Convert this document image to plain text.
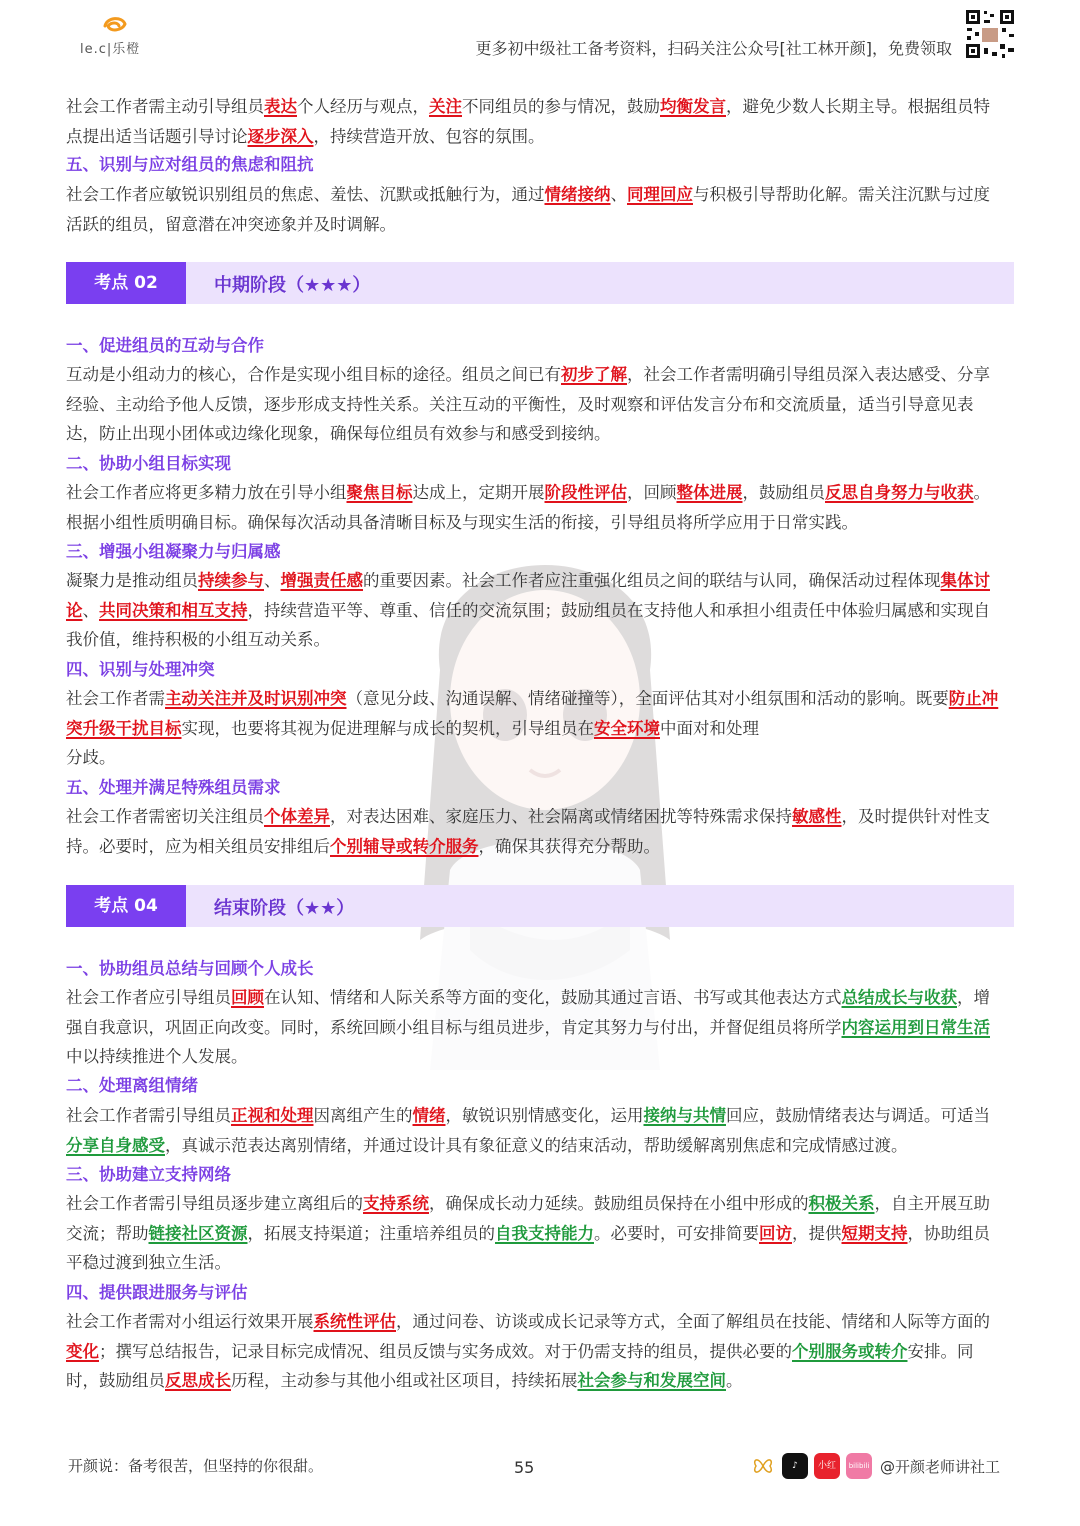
le.c|乐橙	更多初中级社工备考资料，扫码关注公众号[社工林开颜]，免费领取
社会工作者需主动引导组员表达个人经历与观点，关注不同组员的参与情况，鼓励均衡发言，避免少数人长期主导。根据组员特点提出适当话题引导讨论逐步深入，持续营造开放、包容的氛围。
五、识别与应对组员的焦虑和阻抗
社会工作者应敏锐识别组员的焦虑、羞怯、沉默或抵触行为，通过情绪接纳、同理回应与积极引导帮助化解。需关注沉默与过度活跃的组员，留意潜在冲突迹象并及时调解。
考点 02	中期阶段（★★★）
一、促进组员的互动与合作
互动是小组动力的核心，合作是实现小组目标的途径。组员之间已有初步了解，社会工作者需明确引导组员深入表达感受、分享经验、主动给予他人反馈，逐步形成支持性关系。关注互动的平衡性，及时观察和评估发言分布和交流质量，适当引导意见表达，防止出现小团体或边缘化现象，确保每位组员有效参与和感受到接纳。
二、协助小组目标实现
社会工作者应将更多精力放在引导小组聚焦目标达成上，定期开展阶段性评估，回顾整体进展，鼓励组员反思自身努力与收获。根据小组性质明确目标。确保每次活动具备清晰目标及与现实生活的衔接，引导组员将所学应用于日常实践。
三、增强小组凝聚力与归属感
凝聚力是推动组员持续参与、增强责任感的重要因素。社会工作者应注重强化组员之间的联结与认同，确保活动过程体现集体讨论、共同决策和相互支持，持续营造平等、尊重、信任的交流氛围；鼓励组员在支持他人和承担小组责任中体验归属感和实现自我价值，维持积极的小组互动关系。
四、识别与处理冲突
社会工作者需主动关注并及时识别冲突（意见分歧、沟通误解、情绪碰撞等），全面评估其对小组氛围和活动的影响。既要防止冲突升级干扰目标实现，也要将其视为促进理解与成长的契机，引导组员在安全环境中面对和处理
分歧。
五、处理并满足特殊组员需求
社会工作者需密切关注组员个体差异，对表达困难、家庭压力、社会隔离或情绪困扰等特殊需求保持敏感性，及时提供针对性支持。必要时，应为相关组员安排组后个别辅导或转介服务，确保其获得充分帮助。
考点 04	结束阶段（★★）
一、协助组员总结与回顾个人成长
社会工作者应引导组员回顾在认知、情绪和人际关系等方面的变化，鼓励其通过言语、书写或其他表达方式总结成长与收获，增强自我意识，巩固正向改变。同时，系统回顾小组目标与组员进步，肯定其努力与付出，并督促组员将所学内容运用到日常生活中以持续推进个人发展。
二、处理离组情绪
社会工作者需引导组员正视和处理因离组产生的情绪，敏锐识别情感变化，运用接纳与共情回应，鼓励情绪表达与调适。可适当分享自身感受，真诚示范表达离别情绪，并通过设计具有象征意义的结束活动，帮助缓解离别焦虑和完成情感过渡。
三、协助建立支持网络
社会工作者需引导组员逐步建立离组后的支持系统，确保成长动力延续。鼓励组员保持在小组中形成的积极关系，自主开展互助交流；帮助链接社区资源，拓展支持渠道；注重培养组员的自我支持能力。必要时，可安排简要回访，提供短期支持，协助组员平稳过渡到独立生活。
四、提供跟进服务与评估
社会工作者需对小组运行效果开展系统性评估，通过问卷、访谈或成长记录等方式，全面了解组员在技能、情绪和人际等方面的变化；撰写总结报告，记录目标完成情况、组员反馈与实务成效。对于仍需支持的组员，提供必要的个别服务或转介安排。同时，鼓励组员反思成长历程，主动参与其他小组或社区项目，持续拓展社会参与和发展空间。
开颜说：备考很苦，但坚持的你很甜。	55	♪	小红书
bilibili @开颜老师讲社工
